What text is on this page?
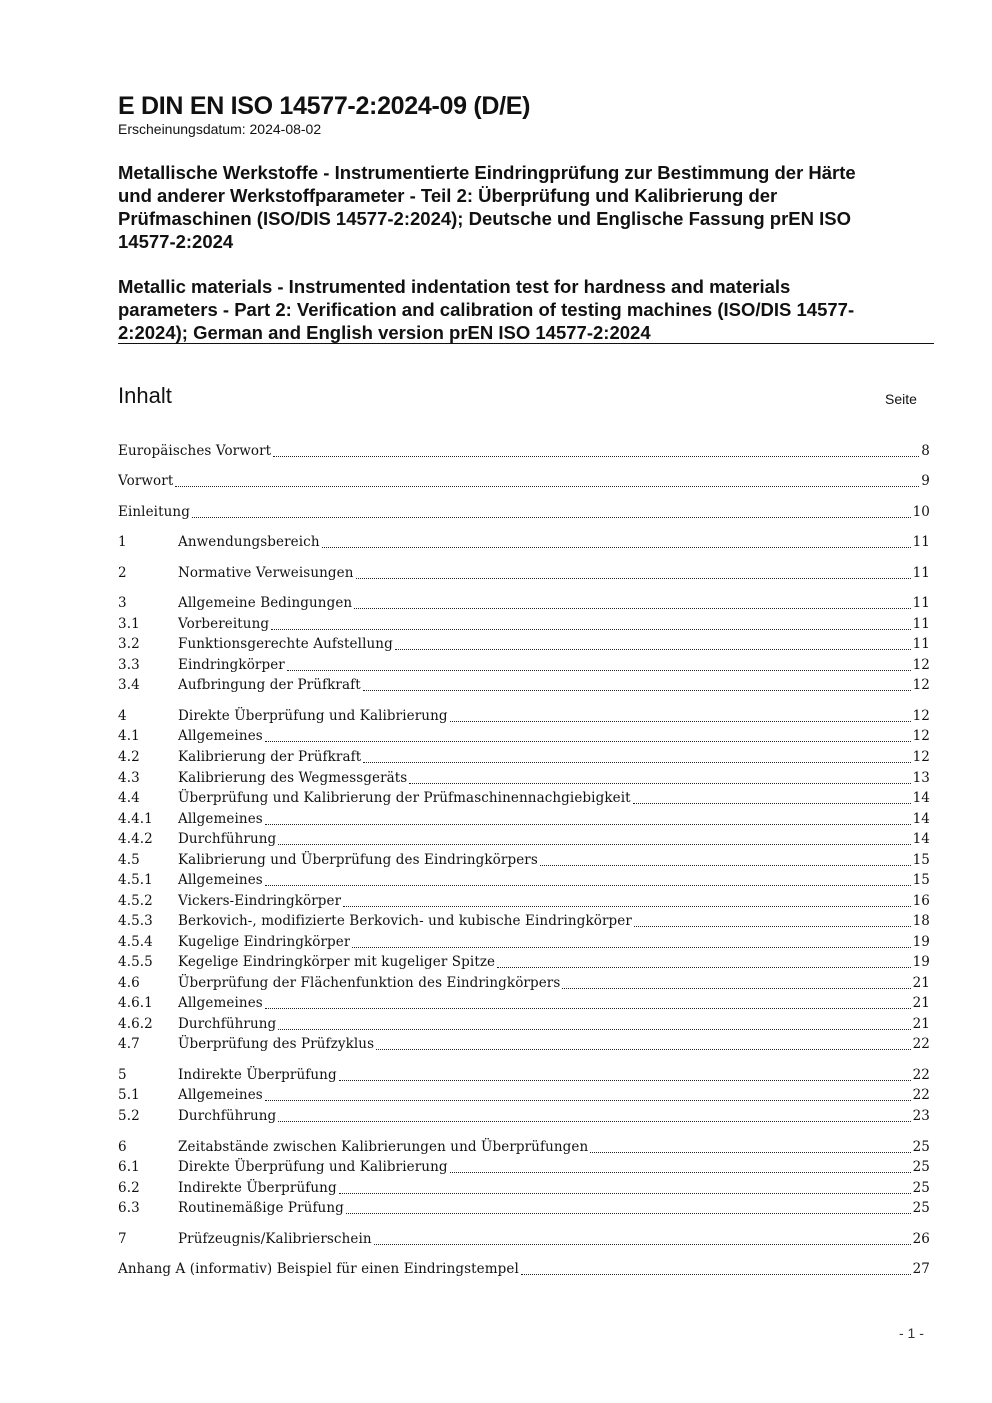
E DIN EN ISO 14577-2:2024-09 (D/E)
Erscheinungsdatum: 2024-08-02
Metallische Werkstoffe - Instrumentierte Eindringprüfung zur Bestimmung der Härte
und anderer Werkstoffparameter - Teil 2: Überprüfung und Kalibrierung der
Prüfmaschinen (ISO/DIS 14577-2:2024); Deutsche und Englische Fassung prEN ISO
14577-2:2024
Metallic materials - Instrumented indentation test for hardness and materials
parameters - Part 2: Verification and calibration of testing machines (ISO/DIS 14577-
2:2024); German and English version prEN ISO 14577-2:2024
Inhalt	Seite
Europäisches Vorwort	8
Vorwort	9
Einleitung	10
1	Anwendungsbereich	11
2	Normative Verweisungen	11
3	Allgemeine Bedingungen	11
3.1	Vorbereitung	11
3.2	Funktionsgerechte Aufstellung	11
3.3	Eindringkörper	12
3.4	Aufbringung der Prüfkraft	12
4	Direkte Überprüfung und Kalibrierung	12
4.1	Allgemeines	12
4.2	Kalibrierung der Prüfkraft	12
4.3	Kalibrierung des Wegmessgeräts	13
4.4	Überprüfung und Kalibrierung der Prüfmaschinennachgiebigkeit	14
4.4.1	Allgemeines	14
4.4.2	Durchführung	14
4.5	Kalibrierung und Überprüfung des Eindringkörpers	15
4.5.1	Allgemeines	15
4.5.2	Vickers-Eindringkörper	16
4.5.3	Berkovich-, modifizierte Berkovich- und kubische Eindringkörper	18
4.5.4	Kugelige Eindringkörper	19
4.5.5	Kegelige Eindringkörper mit kugeliger Spitze	19
4.6	Überprüfung der Flächenfunktion des Eindringkörpers	21
4.6.1	Allgemeines	21
4.6.2	Durchführung	21
4.7	Überprüfung des Prüfzyklus	22
5	Indirekte Überprüfung	22
5.1	Allgemeines	22
5.2	Durchführung	23
6	Zeitabstände zwischen Kalibrierungen und Überprüfungen	25
6.1	Direkte Überprüfung und Kalibrierung	25
6.2	Indirekte Überprüfung	25
6.3	Routinemäßige Prüfung	25
7	Prüfzeugnis/Kalibrierschein	26
Anhang A (informativ) Beispiel für einen Eindringstempel	27
- 1 -
